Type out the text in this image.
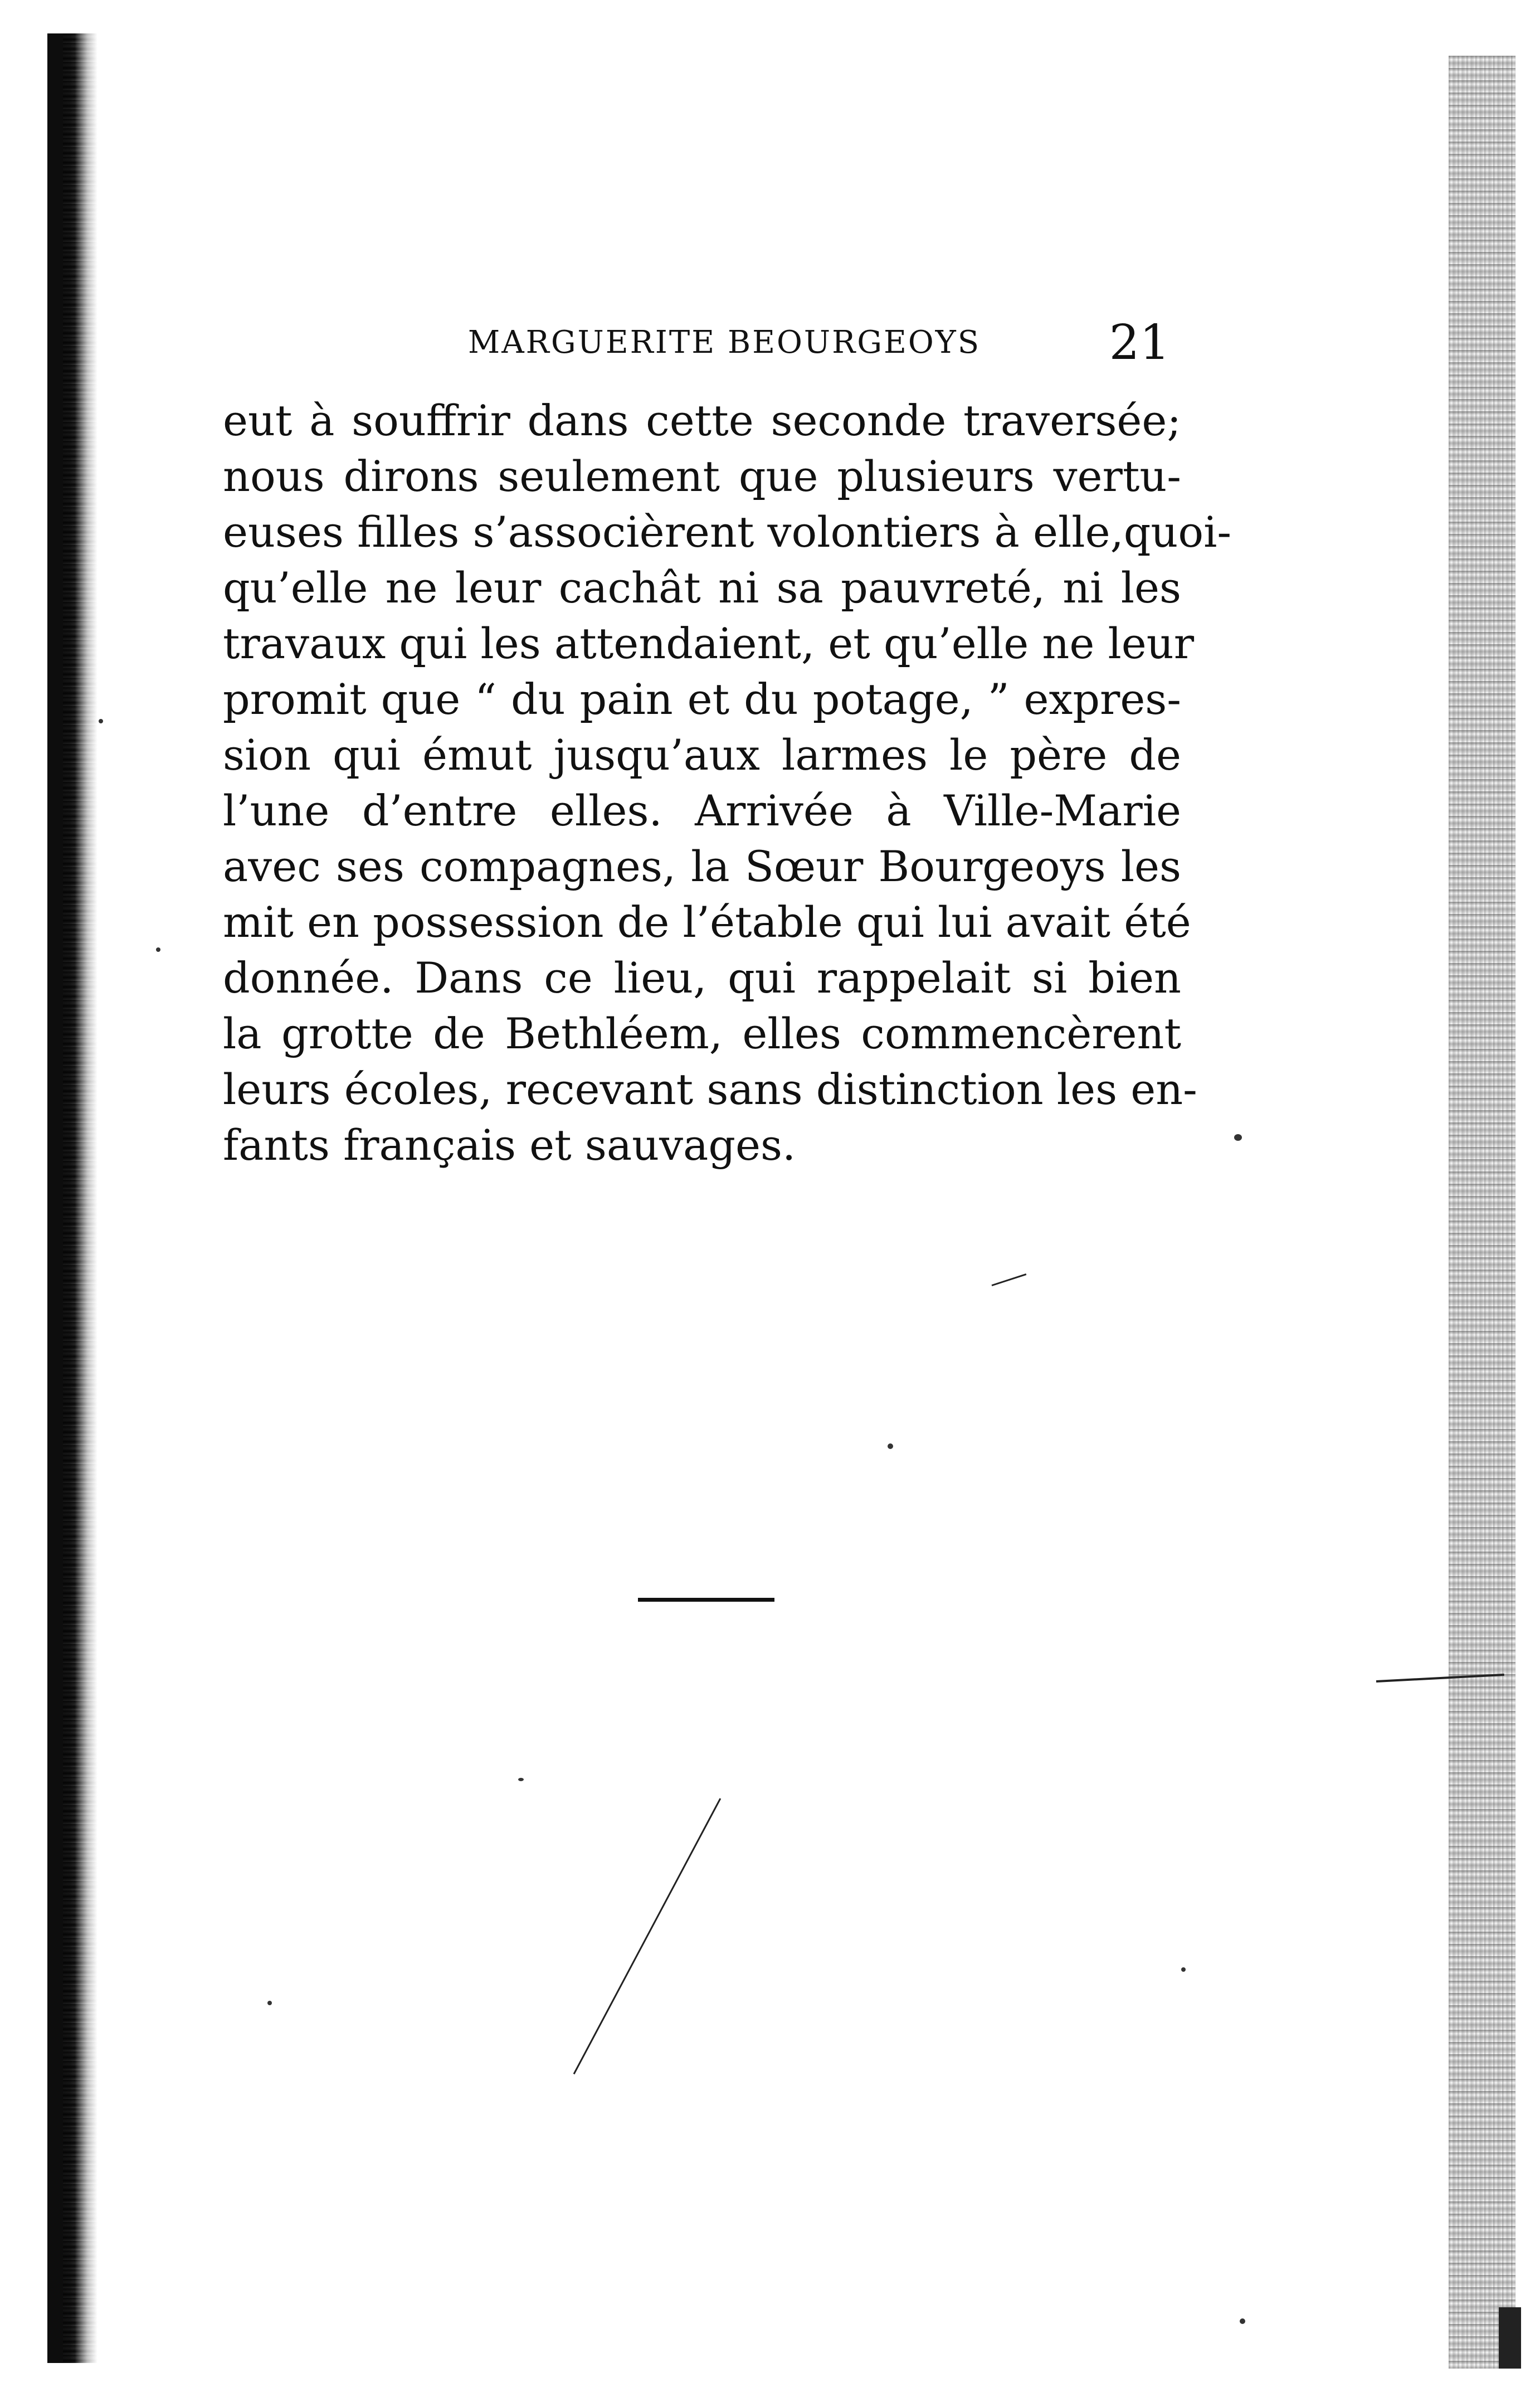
MARGUERITE BEOURGEOYS	21
eut à souffrir dans cette seconde traversée;
nous dirons seulement que plusieurs vertu-
euses filles s’associèrent volontiers à elle,quoi-
qu’elle ne leur cachât ni sa pauvreté, ni les
travaux qui les attendaient, et qu’elle ne leur
promit que “ du pain et du potage, ” expres-
sion qui émut jusqu’aux larmes le père de
l’une d’entre elles. Arrivée à Ville-Marie
avec ses compagnes, la Sœur Bourgeoys les
mit en possession de l’étable qui lui avait été
donnée. Dans ce lieu, qui rappelait si bien
la grotte de Bethléem, elles commencèrent
leurs écoles, recevant sans distinction les en-
fants français et sauvages.
